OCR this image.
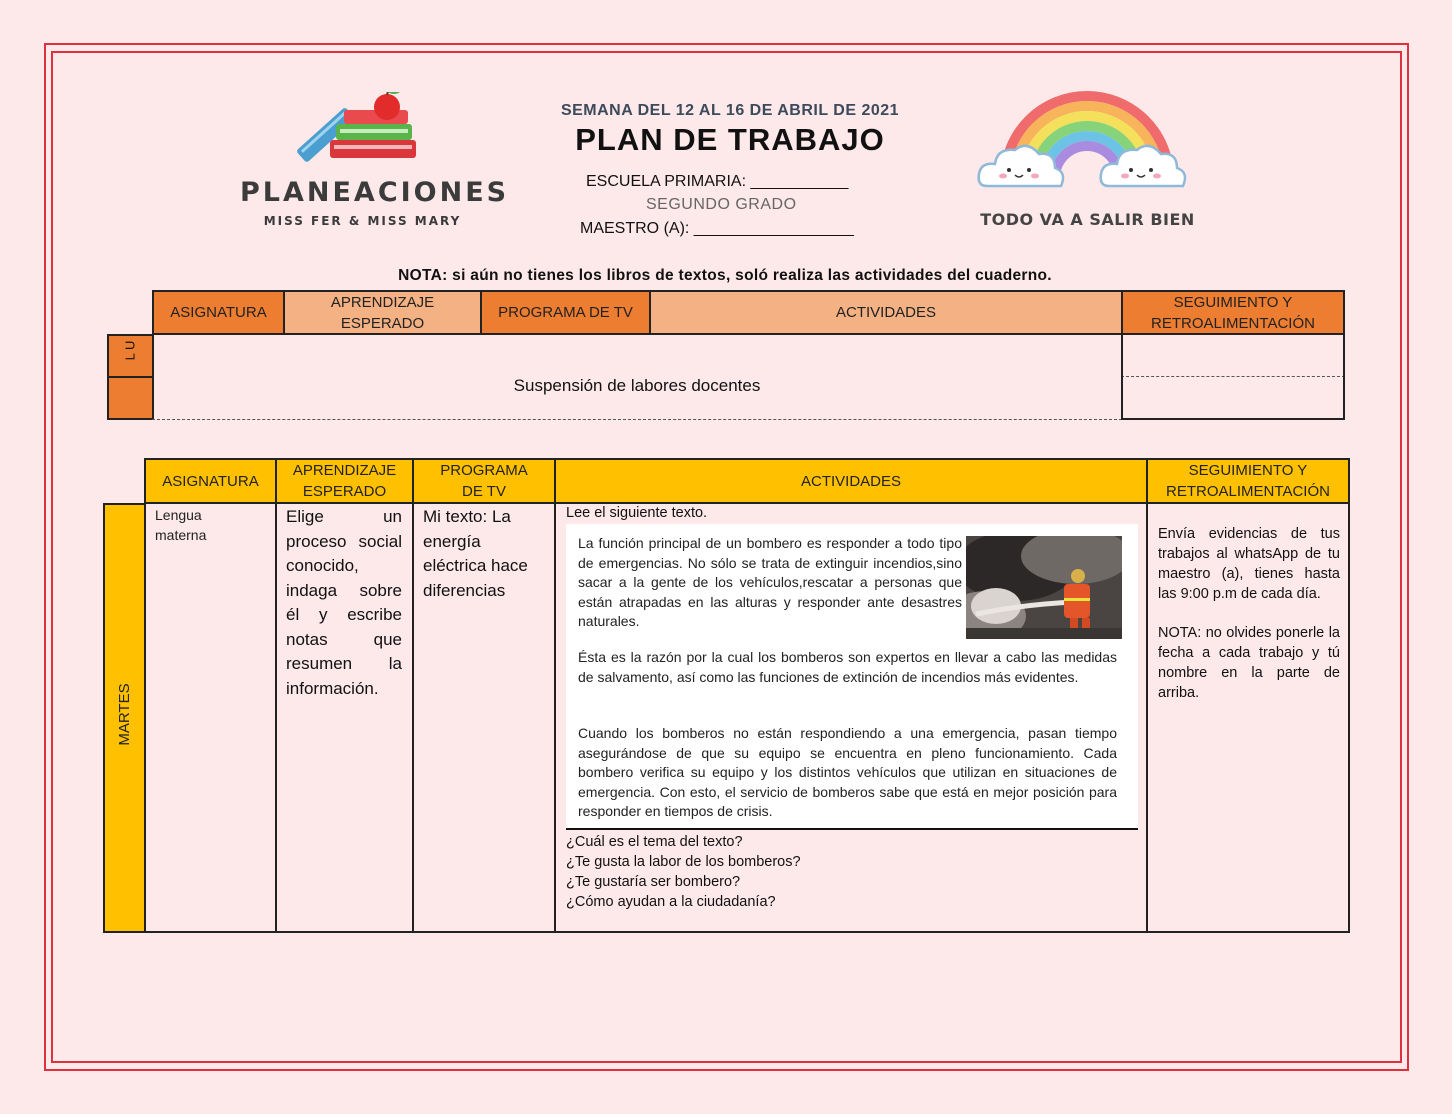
PLANEACIONES
MISS FER & MISS MARY
SEMANA DEL 12 AL 16 DE ABRIL DE 2021
PLAN DE TRABAJO
ESCUELA PRIMARIA: ___________
SEGUNDO GRADO
MAESTRO (A): __________________	TODO VA A SALIR BIEN
NOTA: si aún no tienes los libros de textos, soló realiza las actividades del cuaderno.
ASIGNATURA
APRENDIZAJE ESPERADO
PROGRAMA DE TV	ACTIVIDADES
SEGUIMIENTO Y RETROALIMENTACIÓN
L U
Suspensión de labores docentes
ASIGNATURA
APRENDIZAJE ESPERADO
PROGRAMA DE TV
ACTIVIDADES
SEGUIMIENTO Y RETROALIMENTACIÓN
MARTES
Lengua materna
Elige un proceso social conocido, indaga sobre él y escribe notas que resumen la información.
Mi texto: La energía eléctrica hace diferencias
Lee el siguiente texto.

La función principal de un bombero es responder a todo tipo de emergencias. No sólo se trata de extinguir incendios,sino sacar a la gente de los vehículos,rescatar a personas que están atrapadas en las alturas y responder ante desastres naturales.

Ésta es la razón por la cual los bomberos son expertos en llevar a cabo las medidas de salvamento, así como las funciones de extinción de incendios más evidentes.

Cuando los bomberos no están respondiendo a una emergencia, pasan tiempo asegurándose de que su equipo se encuentra en pleno funcionamiento. Cada bombero verifica su equipo y los distintos vehículos que utilizan en situaciones de emergencia. Con esto, el servicio de bomberos sabe que está en mejor posición para responder en tiempos de crisis.

¿Cuál es el tema del texto?
¿Te gusta la labor de los bomberos?
¿Te gustaría ser bombero?
¿Cómo ayudan a la ciudadanía?
Envía evidencias de tus trabajos al whatsApp de tu maestro (a), tienes hasta las 9:00 p.m de cada día.
NOTA: no olvides ponerle la fecha a cada trabajo y tú nombre en la parte de arriba.
